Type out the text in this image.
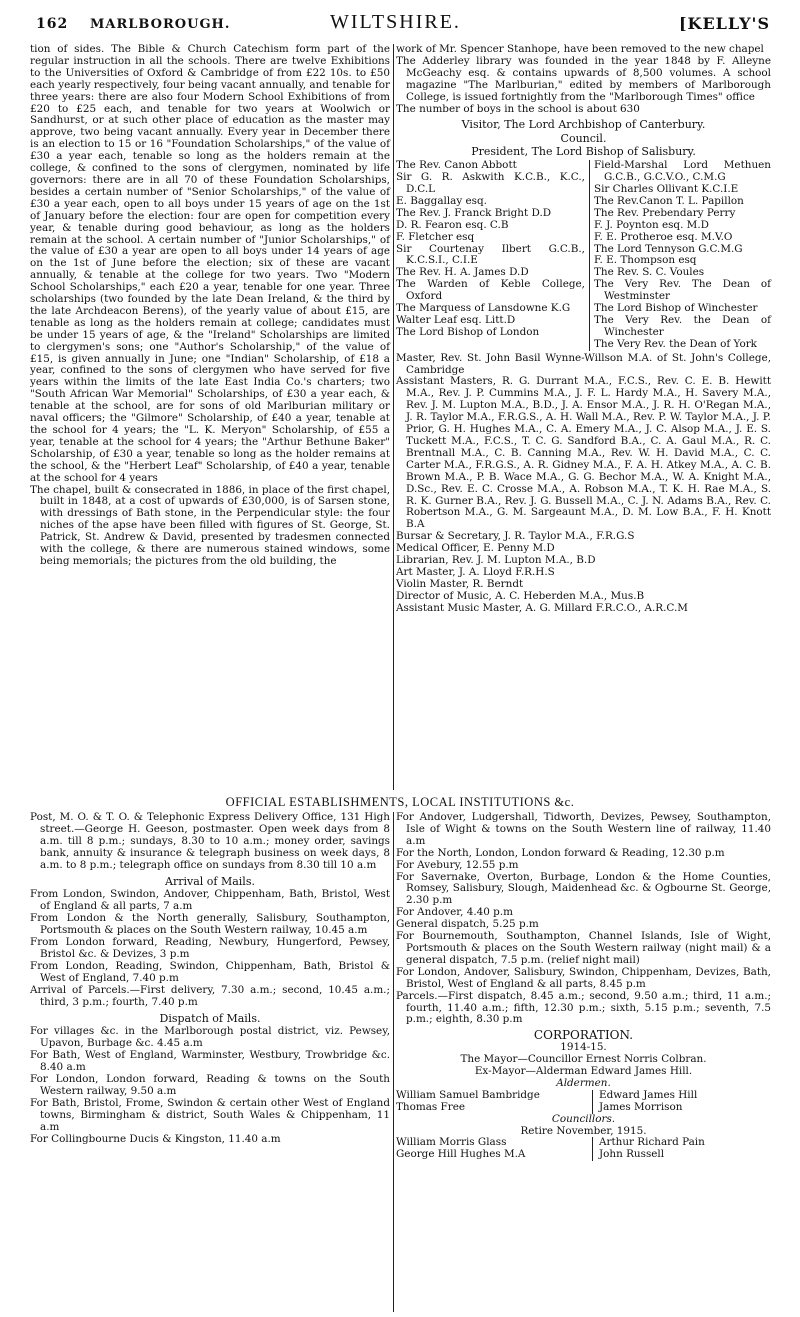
162 MARLBOROUGH.	WILTSHIRE.	[KELLY'S

tion of sides. The Bible & Church Catechism form part of the regular instruction in all the schools. There are twelve Exhibitions to the Universities of Oxford & Cambridge of from £22 10s. to £50 each yearly respectively, four being vacant annually, and tenable for three years: there are also four Modern School Exhibitions of from £20 to £25 each, and tenable for two years at Woolwich or Sandhurst, or at such other place of education as the master may approve, two being vacant annually. Every year in December there is an election to 15 or 16 "Foundation Scholarships," of the value of £30 a year each, tenable so long as the holders remain at the college, & confined to the sons of clergymen, nominated by life governors: there are in all 70 of these Foundation Scholarships, besides a certain number of "Senior Scholarships," of the value of £30 a year each, open to all boys under 15 years of age on the 1st of January before the election: four are open for competition every year, & tenable during good behaviour, as long as the holders remain at the school. A certain number of "Junior Scholarships," of the value of £30 a year are open to all boys under 14 years of age on the 1st of June before the election; six of these are vacant annually, & tenable at the college for two years. Two "Modern School Scholarships," each £20 a year, tenable for one year. Three scholarships (two founded by the late Dean Ireland, & the third by the late Archdeacon Berens), of the yearly value of about £15, are tenable as long as the holders remain at college; candidates must be under 15 years of age, & the "Ireland" Scholarships are limited to clergymen's sons; one "Author's Scholarship," of the value of £15, is given annually in June; one "Indian" Scholarship, of £18 a year, confined to the sons of clergymen who have served for five years within the limits of the late East India Co.'s charters; two "South African War Memorial" Scholarships, of £30 a year each, & tenable at the school, are for sons of old Marlburian military or naval officers; the "Gilmore" Scholarship, of £40 a year, tenable at the school for 4 years; the "L. K. Meryon" Scholarship, of £55 a year, tenable at the school for 4 years; the "Arthur Bethune Baker" Scholarship, of £30 a year, tenable so long as the holder remains at the school, & the "Herbert Leaf" Scholarship, of £40 a year, tenable at the school for 4 years

The chapel, built & consecrated in 1886, in place of the first chapel, built in 1848, at a cost of upwards of £30,000, is of Sarsen stone, with dressings of Bath stone, in the Perpendicular style: the four niches of the apse have been filled with figures of St. George, St. Patrick, St. Andrew & David, presented by tradesmen connected with the college, & there are numerous stained windows, some being memorials; the pictures from the old building, the

work of Mr. Spencer Stanhope, have been removed to the new chapel

The Adderley library was founded in the year 1848 by F. Alleyne McGeachy esq. & contains upwards of 8,500 volumes. A school magazine "The Marlburian," edited by members of Marlborough College, is issued fortnightly from the "Marlborough Times" office

The number of boys in the school is about 630

Visitor, The Lord Archbishop of Canterbury.
Council.
President, The Lord Bishop of Salisbury.
The Rev. Canon Abbott
Sir G. R. Askwith K.C.B., K.C., D.C.L
E. Baggallay esq.
The Rev. J. Franck Bright D.D
D. R. Fearon esq. C.B
F. Fletcher esq
Sir Courtenay Ilbert G.C.B., K.C.S.I., C.I.E
The Rev. H. A. James D.D
The Warden of Keble College, Oxford
The Marquess of Lansdowne K.G
Walter Leaf esq. Litt.D
The Lord Bishop of London
Field-Marshal Lord Methuen G.C.B., G.C.V.O., C.M.G
Sir Charles Ollivant K.C.I.E
The Rev.Canon T. L. Papillon
The Rev. Prebendary Perry
F. J. Poynton esq. M.D
F. E. Protheroe esq. M.V.O
The Lord Tennyson G.C.M.G
F. E. Thompson esq
The Rev. S. C. Voules
The Very Rev. The Dean of Westminster
The Lord Bishop of Winchester
The Very Rev. the Dean of Winchester
The Very Rev. the Dean of York

Master, Rev. St. John Basil Wynne-Willson M.A. of St. John's College, Cambridge

Assistant Masters, R. G. Durrant M.A., F.C.S., Rev. C. E. B. Hewitt M.A., Rev. J. P. Cummins M.A., J. F. L. Hardy M.A., H. Savery M.A., Rev. J. M. Lupton M.A., B.D., J. A. Ensor M.A., J. R. H. O'Regan M.A., J. R. Taylor M.A., F.R.G.S., A. H. Wall M.A., Rev. P. W. Taylor M.A., J. P. Prior, G. H. Hughes M.A., C. A. Emery M.A., J. C. Alsop M.A., J. E. S. Tuckett M.A., F.C.S., T. C. G. Sandford B.A., C. A. Gaul M.A., R. C. Brentnall M.A., C. B. Canning M.A., Rev. W. H. David M.A., C. C. Carter M.A., F.R.G.S., A. R. Gidney M.A., F. A. H. Atkey M.A., A. C. B. Brown M.A., P. B. Wace M.A., G. G. Bechor M.A., W. A. Knight M.A., D.Sc., Rev. E. C. Crosse M.A., A. Robson M.A., T. K. H. Rae M.A., S. R. K. Gurner B.A., Rev. J. G. Bussell M.A., C. J. N. Adams B.A., Rev. C. Robertson M.A., G. M. Sargeaunt M.A., D. M. Low B.A., F. H. Knott B.A

Bursar & Secretary, J. R. Taylor M.A., F.R.G.S

Medical Officer, E. Penny M.D

Librarian, Rev. J. M. Lupton M.A., B.D

Art Master, J. A. Lloyd F.R.H.S

Violin Master, R. Berndt

Director of Music, A. C. Heberden M.A., Mus.B

Assistant Music Master, A. G. Millard F.R.C.O., A.R.C.M

OFFICIAL ESTABLISHMENTS, LOCAL INSTITUTIONS &c.

Post, M. O. & T. O. & Telephonic Express Delivery Office, 131 High street.—George H. Geeson, postmaster. Open week days from 8 a.m. till 8 p.m.; sundays, 8.30 to 10 a.m.; money order, savings bank, annuity & insurance & telegraph business on week days, 8 a.m. to 8 p.m.; telegraph office on sundays from 8.30 till 10 a.m

Arrival of Mails.

From London, Swindon, Andover, Chippenham, Bath, Bristol, West of England & all parts, 7 a.m

From London & the North generally, Salisbury, Southampton, Portsmouth & places on the South Western railway, 10.45 a.m

From London forward, Reading, Newbury, Hungerford, Pewsey, Bristol &c. & Devizes, 3 p.m

From London, Reading, Swindon, Chippenham, Bath, Bristol & West of England, 7.40 p.m

Arrival of Parcels.—First delivery, 7.30 a.m.; second, 10.45 a.m.; third, 3 p.m.; fourth, 7.40 p.m

Dispatch of Mails.

For villages &c. in the Marlborough postal district, viz. Pewsey, Upavon, Burbage &c. 4.45 a.m

For Bath, West of England, Warminster, Westbury, Trowbridge &c. 8.40 a.m

For London, London forward, Reading & towns on the South Western railway, 9.50 a.m

For Bath, Bristol, Frome, Swindon & certain other West of England towns, Birmingham & district, South Wales & Chippenham, 11 a.m

For Collingbourne Ducis & Kingston, 11.40 a.m

For Andover, Ludgershall, Tidworth, Devizes, Pewsey, Southampton, Isle of Wight & towns on the South Western line of railway, 11.40 a.m

For the North, London, London forward & Reading, 12.30 p.m

For Avebury, 12.55 p.m

For Savernake, Overton, Burbage, London & the Home Counties, Romsey, Salisbury, Slough, Maidenhead &c. & Ogbourne St. George, 2.30 p.m

For Andover, 4.40 p.m

General dispatch, 5.25 p.m

For Bournemouth, Southampton, Channel Islands, Isle of Wight, Portsmouth & places on the South Western railway (night mail) & a general dispatch, 7.5 p.m. (relief night mail)

For London, Andover, Salisbury, Swindon, Chippenham, Devizes, Bath, Bristol, West of England & all parts, 8.45 p.m

Parcels.—First dispatch, 8.45 a.m.; second, 9.50 a.m.; third, 11 a.m.; fourth, 11.40 a.m.; fifth, 12.30 p.m.; sixth, 5.15 p.m.; seventh, 7.5 p.m.; eighth, 8.30 p.m

CORPORATION.
1914-15.
The Mayor—Councillor Ernest Norris Colbran.
Ex-Mayor—Alderman Edward James Hill.
Aldermen.
William Samuel Bambridge
Thomas Free
Edward James Hill
James Morrison
Councillors.
Retire November, 1915.
William Morris Glass
George Hill Hughes M.A
Arthur Richard Pain
John Russell
